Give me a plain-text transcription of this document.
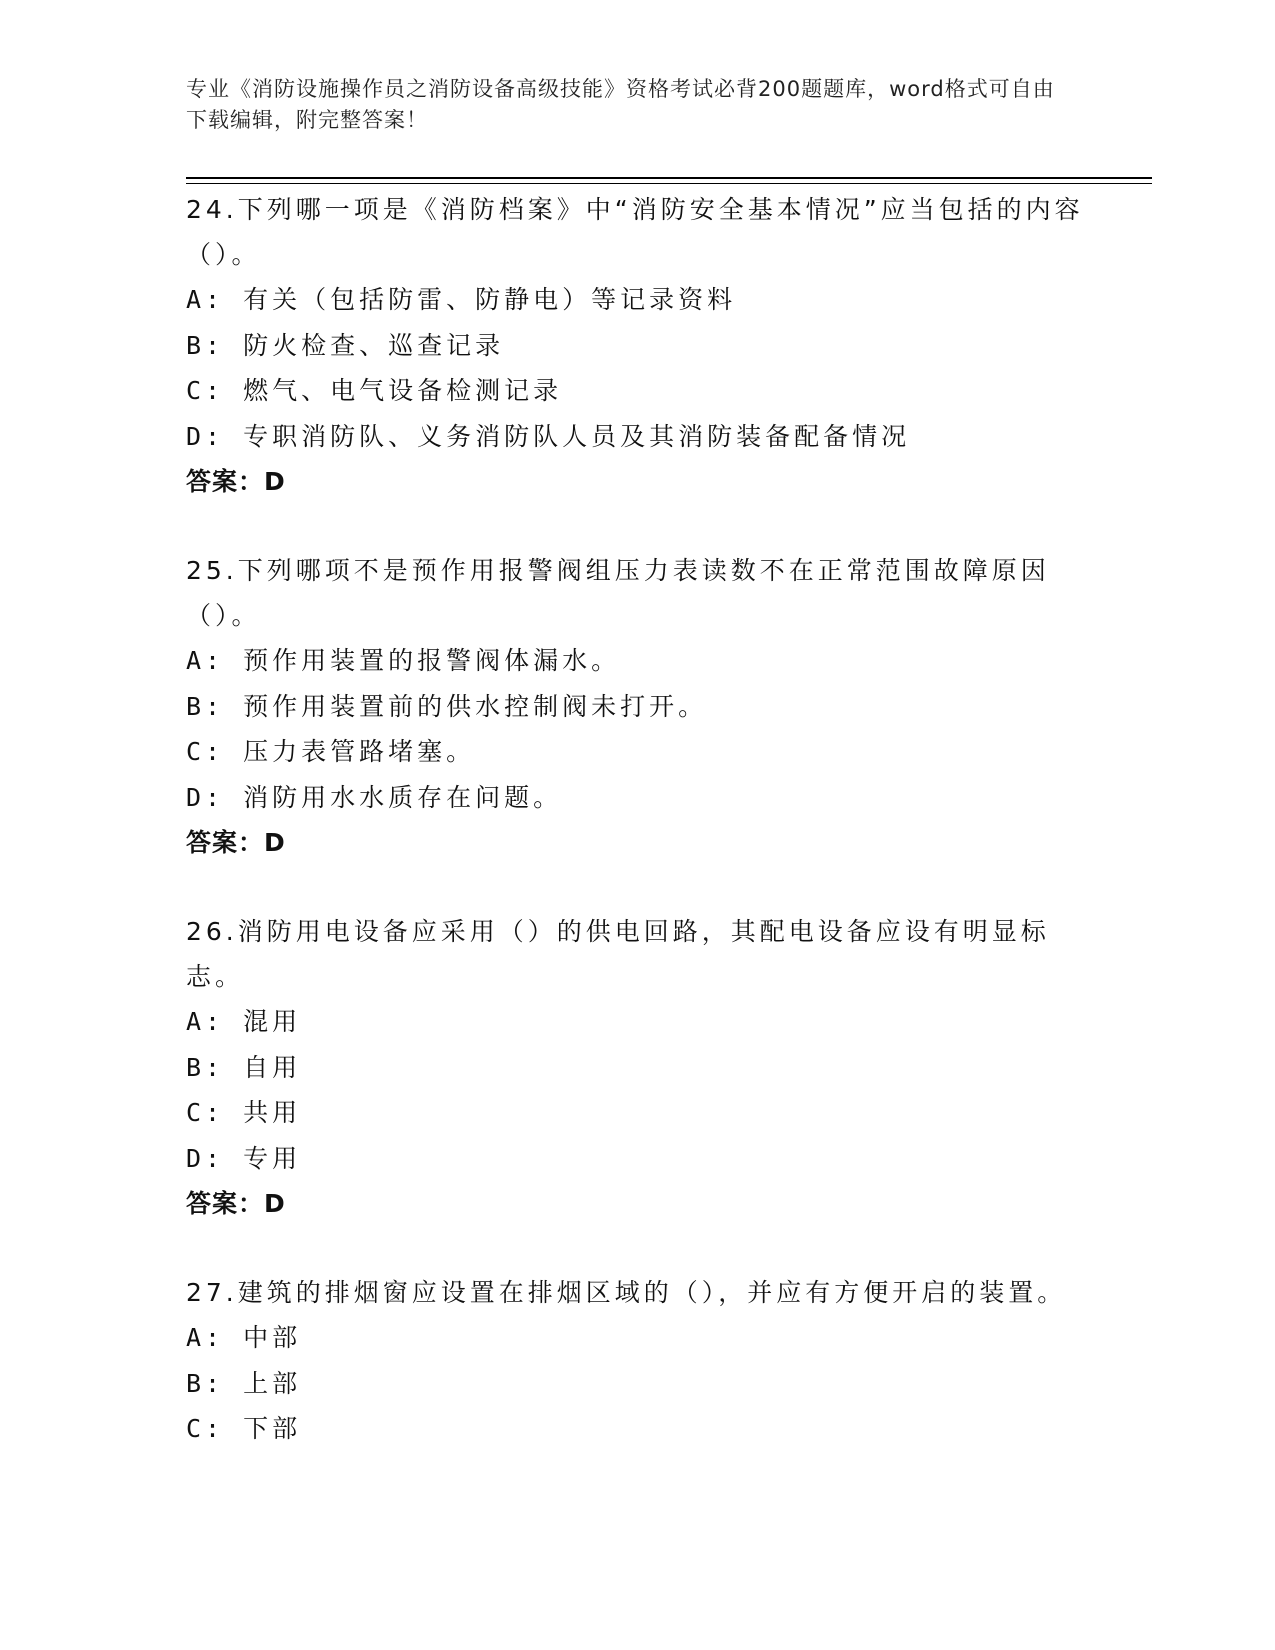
专业《消防设施操作员之消防设备高级技能》资格考试必背200题题库，word格式可自由下载编辑，附完整答案！
24.下列哪一项是《消防档案》中“消防安全基本情况”应当包括的内容（）。
A: 有关（包括防雷、防静电）等记录资料
B: 防火检查、巡查记录
C: 燃气、电气设备检测记录
D: 专职消防队、义务消防队人员及其消防装备配备情况
答案：D
25.下列哪项不是预作用报警阀组压力表读数不在正常范围故障原因（）。
A: 预作用装置的报警阀体漏水。
B: 预作用装置前的供水控制阀未打开。
C: 压力表管路堵塞。
D: 消防用水水质存在问题。
答案：D
26.消防用电设备应采用（）的供电回路，其配电设备应设有明显标志。
A: 混用
B: 自用
C: 共用
D: 专用
答案：D
27.建筑的排烟窗应设置在排烟区域的（），并应有方便开启的装置。
A: 中部
B: 上部
C: 下部
